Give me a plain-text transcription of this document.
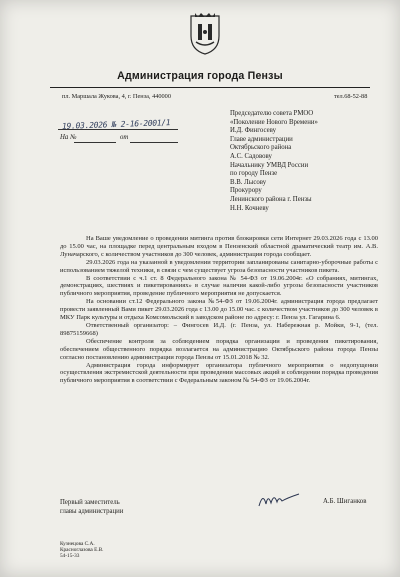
Администрация города Пензы
пл. Маршала Жукова, 4, г. Пенза, 440000	тел.68-52-88
19.03.2026 № 2-16-2001/1
На №	от
Председателю совета РМОО
«Поколение Нового Времени»
И.Д. Фингосеву
Главе администрации
Октябрьского района
А.С. Садовову
Начальнику УМВД России
по городу Пензе
В.В. Лысову
Прокурору
Ленинского района г. Пензы
Н.Н. Кочневу

На Ваше уведомление о проведении митинга против блокировки сети Интернет 29.03.2026 года с 13.00 до 15.00 час, на площадке перед центральным входом в Пензенский областной драматический театр им. А.В. Луначарского, с количеством участников до 300 человек, администрация города сообщает.

29.03.2026 года на указанной в уведомлении территории запланированы санитарно-уборочные работы с использованием тяжелой техники, в связи с чем существует угроза безопасности участников пикета.

В соответствии с ч.1 ст. 8 Федерального закона № 54-ФЗ от 19.06.2004г. «О собраниях, митингах, демонстрациях, шествиях и пикетированиях» в случае наличия какой-либо угрозы безопасности участников публичного мероприятия, проведение публичного мероприятия не допускается.

На основании ст.12 Федерального закона №54-ФЗ от 19.06.2004г. администрация города предлагает провести заявленный Вами пикет 29.03.2026 года с 13.00 до 15.00 час. с количеством участников до 300 человек в МКУ Парк культуры и отдыха Комсомольский в заводском районе по адресу: г. Пенза ул. Гагарина 6.

Ответственный организатор: – Фингосев И.Д. (г. Пенза, ул. Набережная р. Мойки, 9-1, (тел. 89875159668)

Обеспечение контроля за соблюдением порядка организации и проведения пикетирования, обеспечением общественного порядка возлагается на администрацию Октябрьского района города Пензы согласно постановлению администрации города Пензы от 15.01.2018 № 32.

Администрация города информирует организатора публичного мероприятия о недопущении осуществления экстремистской деятельности при проведении массовых акций и соблюдении порядка проведения публичного мероприятия в соответствии с Федеральным законом № 54-ФЗ от 19.06.2004г.

Первый заместитель
главы администрации
А.Б. Шиганков
Кузнецова С.А.
Красноглазова Е.В.
54-15-33
